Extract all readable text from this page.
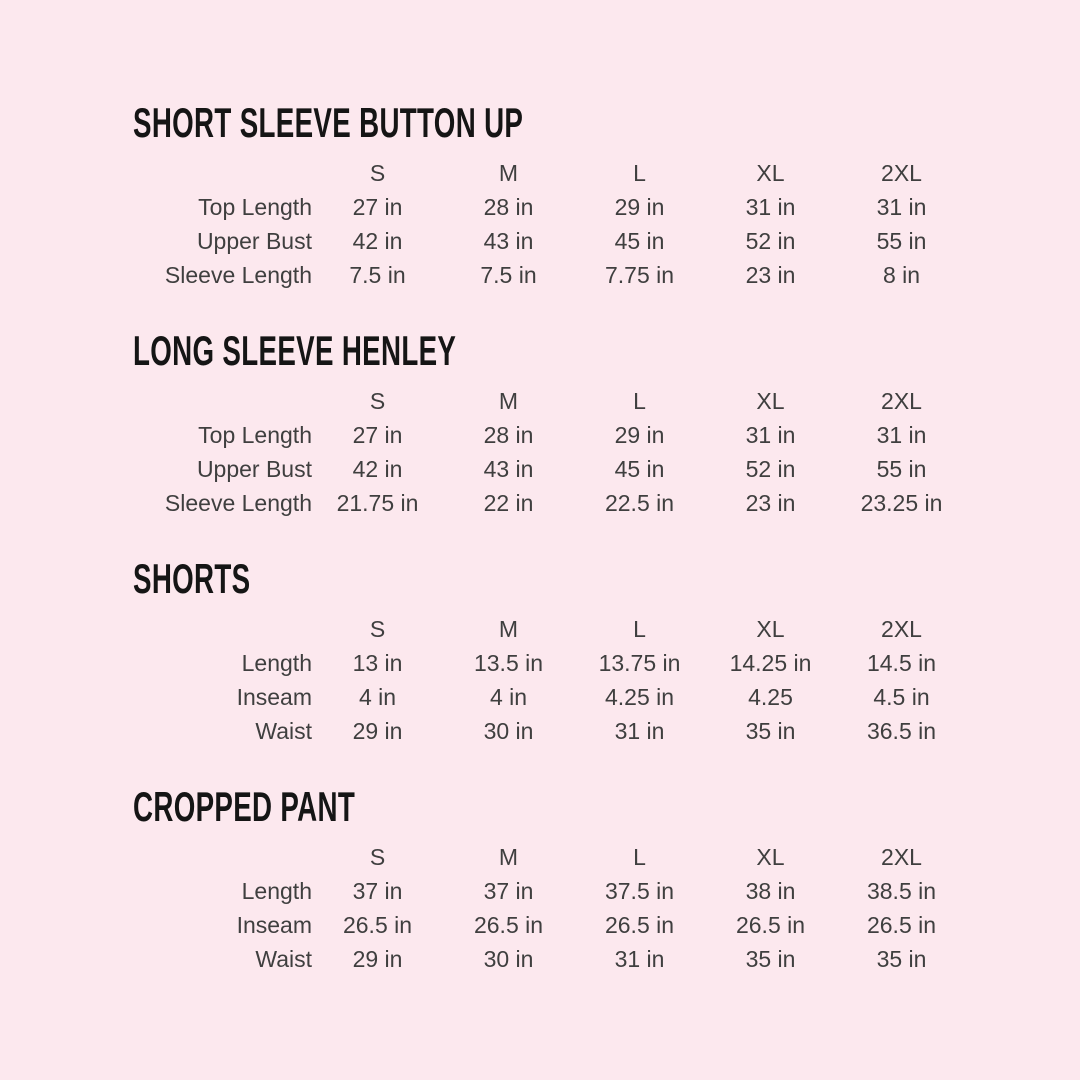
SHORT SLEEVE BUTTON UP
	S	M	L	XL	2XL
Top Length	27 in	28 in	29 in	31 in	31 in
Upper Bust	42 in	43 in	45 in	52 in	55 in
Sleeve Length	7.5 in	7.5 in	7.75 in	23 in	8 in
LONG SLEEVE HENLEY
	S	M	L	XL	2XL
Top Length	27 in	28 in	29 in	31 in	31 in
Upper Bust	42 in	43 in	45 in	52 in	55 in
Sleeve Length	21.75 in	22 in	22.5 in	23 in	23.25 in
SHORTS
	S	M	L	XL	2XL
Length	13 in	13.5 in	13.75 in	14.25 in	14.5 in
Inseam	4 in	4 in	4.25 in	4.25	4.5 in
Waist	29 in	30 in	31 in	35 in	36.5 in
CROPPED PANT
	S	M	L	XL	2XL
Length	37 in	37 in	37.5 in	38 in	38.5 in
Inseam	26.5 in	26.5 in	26.5 in	26.5 in	26.5 in
Waist	29 in	30 in	31 in	35 in	35 in
